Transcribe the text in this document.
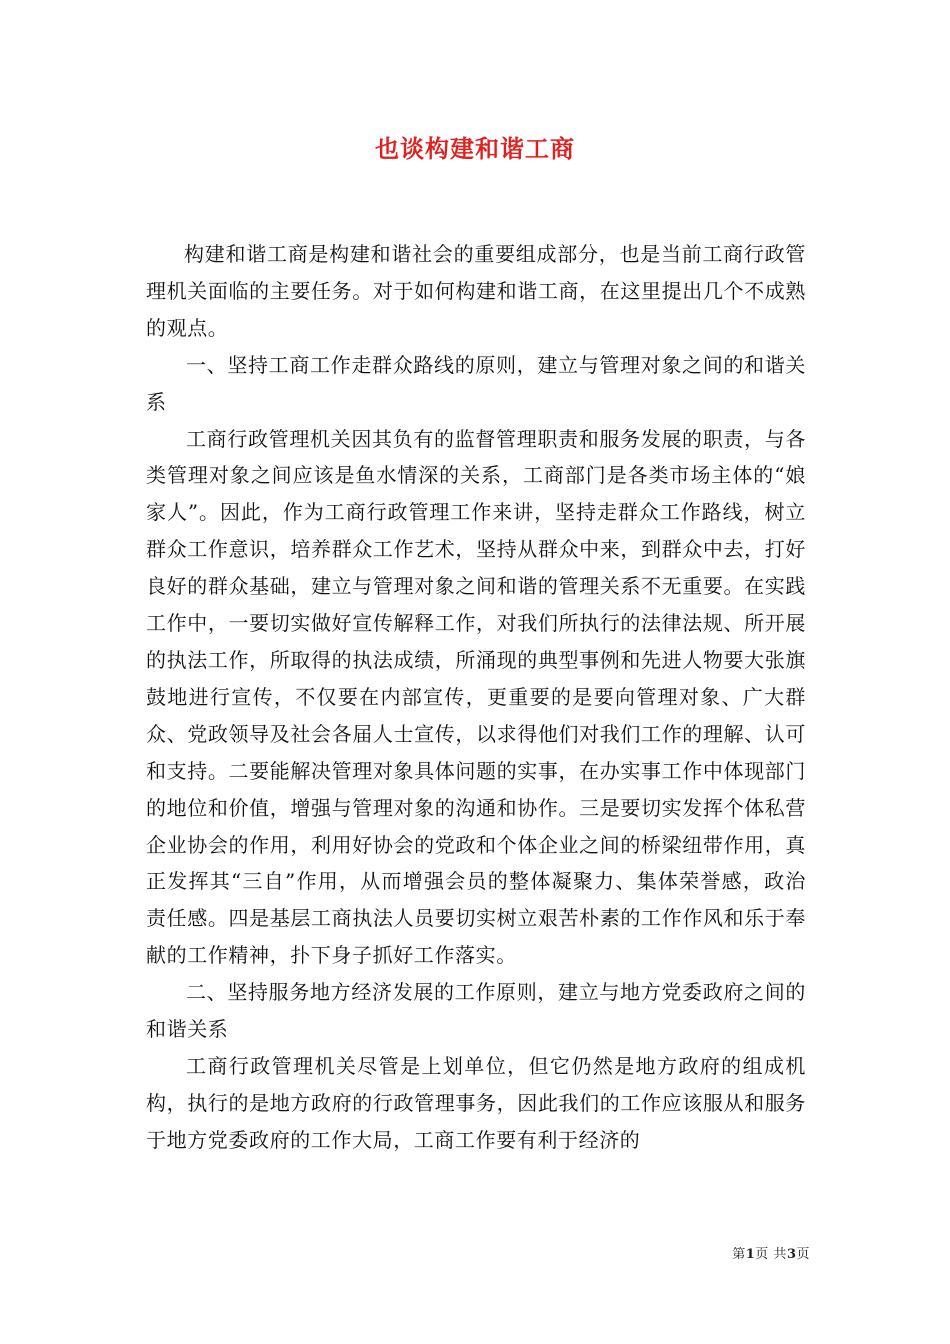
也谈构建和谐工商

构建和谐工商是构建和谐社会的重要组成部分，也是当前工商行政管理机关面临的主要任务。对于如何构建和谐工商，在这里提出几个不成熟的观点。

一、坚持工商工作走群众路线的原则，建立与管理对象之间的和谐关系

工商行政管理机关因其负有的监督管理职责和服务发展的职责，与各类管理对象之间应该是鱼水情深的关系，工商部门是各类市场主体的“娘家人”。因此，作为工商行政管理工作来讲，坚持走群众工作路线，树立群众工作意识，培养群众工作艺术，坚持从群众中来，到群众中去，打好良好的群众基础，建立与管理对象之间和谐的管理关系不无重要。在实践工作中，一要切实做好宣传解释工作，对我们所执行的法律法规、所开展的执法工作，所取得的执法成绩，所涌现的典型事例和先进人物要大张旗鼓地进行宣传，不仅要在内部宣传，更重要的是要向管理对象、广大群众、党政领导及社会各届人士宣传，以求得他们对我们工作的理解、认可和支持。二要能解决管理对象具体问题的实事，在办实事工作中体现部门的地位和价值，增强与管理对象的沟通和协作。三是要切实发挥个体私营企业协会的作用，利用好协会的党政和个体企业之间的桥梁纽带作用，真正发挥其“三自”作用，从而增强会员的整体凝聚力、集体荣誉感，政治责任感。四是基层工商执法人员要切实树立艰苦朴素的工作作风和乐于奉献的工作精神，扑下身子抓好工作落实。

二、坚持服务地方经济发展的工作原则，建立与地方党委政府之间的和谐关系

工商行政管理机关尽管是上划单位，但它仍然是地方政府的组成机构，执行的是地方政府的行政管理事务，因此我们的工作应该服从和服务于地方党委政府的工作大局，工商工作要有利于经济的

第1页 共3页
